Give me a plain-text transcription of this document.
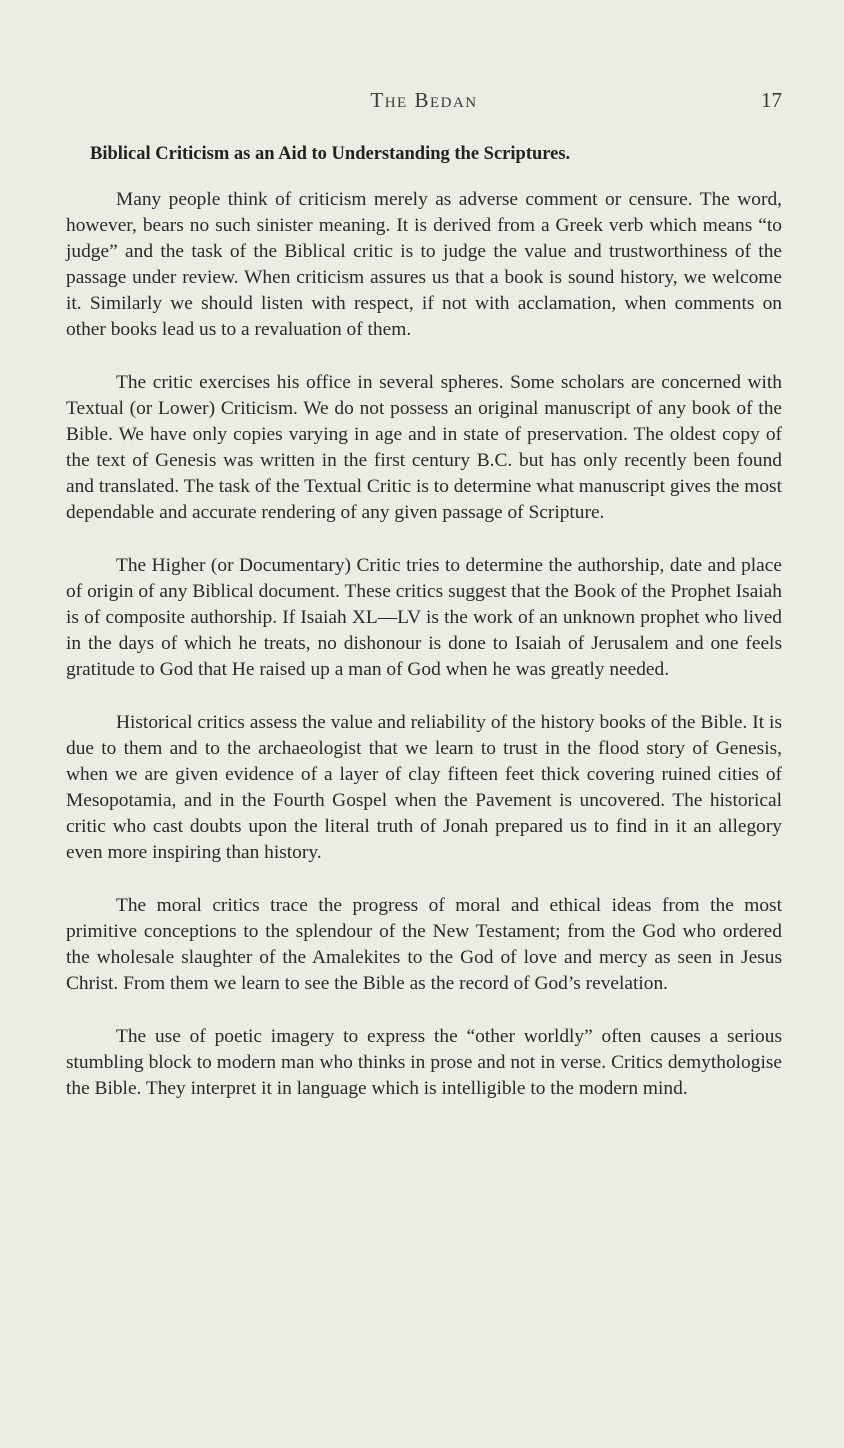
The Bedan	17
Biblical Criticism as an Aid to Understanding the Scriptures.

Many people think of criticism merely as adverse comment or censure. The word, however, bears no such sinister meaning. It is derived from a Greek verb which means “to judge” and the task of the Biblical critic is to judge the value and trustworthiness of the passage under review. When criticism assures us that a book is sound history, we welcome it. Similarly we should listen with respect, if not with acclamation, when comments on other books lead us to a revaluation of them.

The critic exercises his office in several spheres. Some scholars are concerned with Textual (or Lower) Criticism. We do not possess an original manuscript of any book of the Bible. We have only copies varying in age and in state of preservation. The oldest copy of the text of Genesis was written in the first century B.C. but has only recently been found and translated. The task of the Textual Critic is to determine what manuscript gives the most dependable and accurate rendering of any given passage of Scripture.

The Higher (or Documentary) Critic tries to determine the authorship, date and place of origin of any Biblical document. These critics suggest that the Book of the Prophet Isaiah is of composite authorship. If Isaiah XL—LV is the work of an unknown prophet who lived in the days of which he treats, no dishonour is done to Isaiah of Jerusalem and one feels gratitude to God that He raised up a man of God when he was greatly needed.

Historical critics assess the value and reliability of the history books of the Bible. It is due to them and to the archaeologist that we learn to trust in the flood story of Genesis, when we are given evidence of a layer of clay fifteen feet thick covering ruined cities of Mesopotamia, and in the Fourth Gospel when the Pavement is uncovered. The historical critic who cast doubts upon the literal truth of Jonah prepared us to find in it an allegory even more inspiring than history.

The moral critics trace the progress of moral and ethical ideas from the most primitive conceptions to the splendour of the New Testament; from the God who ordered the wholesale slaughter of the Amalekites to the God of love and mercy as seen in Jesus Christ. From them we learn to see the Bible as the record of God’s revelation.

The use of poetic imagery to express the “other worldly” often causes a serious stumbling block to modern man who thinks in prose and not in verse. Critics demythologise the Bible. They interpret it in language which is intelligible to the modern mind.
